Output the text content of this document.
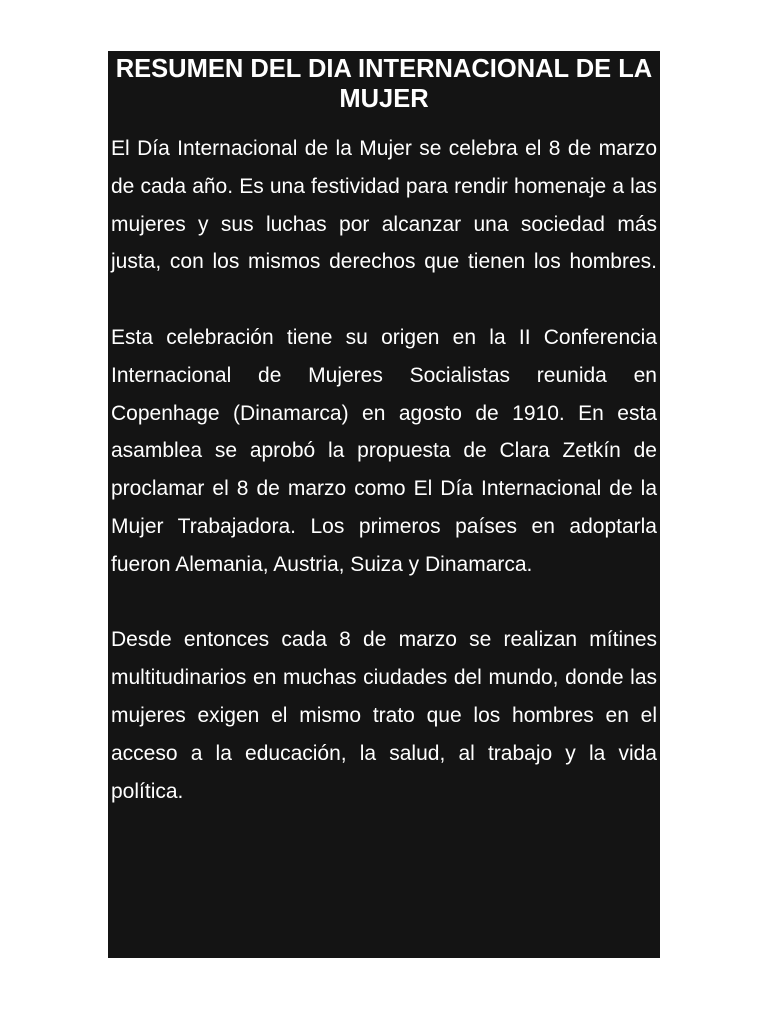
RESUMEN DEL DIA INTERNACIONAL DE LA MUJER

El Día Internacional de la Mujer se celebra el 8 de marzo de cada año. Es una festividad para rendir homenaje a las mujeres y sus luchas por alcanzar una sociedad más justa, con los mismos derechos que tienen los hombres.

Esta celebración tiene su origen en la II Conferencia Internacional de Mujeres Socialistas reunida en Copenhage (Dinamarca) en agosto de 1910. En esta asamblea se aprobó la propuesta de Clara Zetkín de proclamar el 8 de marzo como El Día Internacional de la Mujer Trabajadora. Los primeros países en adoptarla fueron Alemania, Austria, Suiza y Dinamarca.

Desde entonces cada 8 de marzo se realizan mítines multitudinarios en muchas ciudades del mundo, donde las mujeres exigen el mismo trato que los hombres en el acceso a la educación, la salud, al trabajo y la vida política.
